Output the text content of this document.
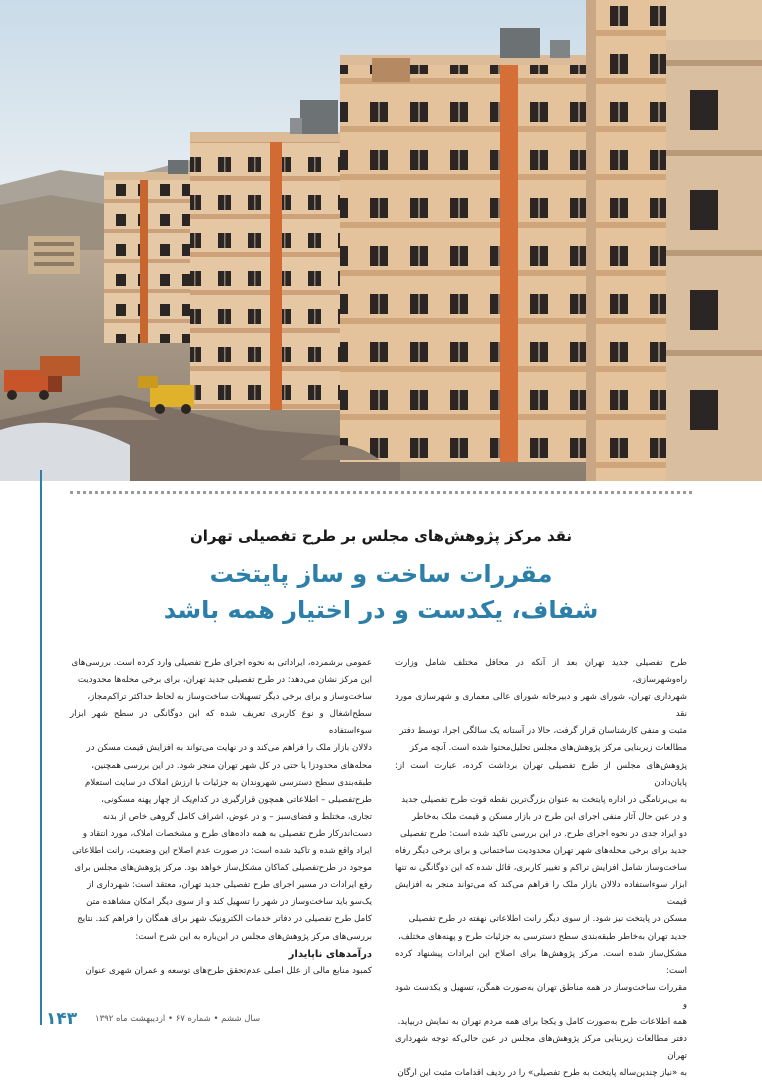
نقد مرکز پژوهش‌های مجلس بر طرح تفصیلی تهران
مقررات ساخت و ساز پایتخت
شفاف، یکدست و در اختیار همه باشد

طرح تفصیلی جدید تهران بعد از آنکه در محافل مختلف شامل وزارت راه‌وشهرسازی،

شهرداری تهران، شورای شهر و دبیرخانه شورای عالی معماری و شهرسازی مورد نقد

مثبت و منفی کارشناسان قرار گرفت، حالا در آستانه یک سالگی اجرا، توسط دفتر

مطالعات زیربنایی مرکز پژوهش‌های مجلس تحلیل‌محتوا شده است. آنچه مرکز

پژوهش‌های مجلس از طرح تفصیلی تهران برداشت کرده، عبارت است از: پایان‌دادن

به بی‌برنامگی در اداره پایتخت به عنوان بزرگ‌ترین نقطه قوت طرح تفصیلی جدید

و در عین حال آثار منفی اجرای این طرح در بازار مسکن و قیمت ملک به‌خاطر

دو ایراد جدی در نحوه اجرای طرح. در این بررسی تاکید شده است: طرح تفصیلی

جدید برای برخی محله‌های شهر تهران محدودیت ساختمانی و برای برخی دیگر رفاه

ساخت‌وساز شامل افزایش تراکم و تغییر کاربری، قائل شده که این دوگانگی نه تنها

ابزار سوءاستفاده دلالان بازار ملک را فراهم می‌کند که می‌تواند منجر به افزایش قیمت

مسکن در پایتخت نیز شود. از سوی دیگر رانت اطلاعاتی نهفته در طرح تفصیلی

جدید تهران به‌خاطر طبقه‌بندی سطح دسترسی به جزئیات طرح و پهنه‌های مختلف،

مشکل‌ساز شده است. مرکز پژوهش‌ها برای اصلاح این ایرادات پیشنهاد کرده است:

مقررات ساخت‌وساز در همه مناطق تهران به‌صورت همگن، تسهیل و یکدست شود و

همه اطلاعات طرح به‌صورت کامل و یکجا برای همه مردم تهران به نمایش دربیاید.

دفتر مطالعات زیربنایی مرکز پژوهش‌های مجلس در عین حالی‌که توجه شهرداری تهران

به «نیاز چندین‌ساله پایتخت به طرح تفصیلی» را در ردیف اقدامات مثبت این ارگان

عمومی برشمرده، ایراداتی به نحوه اجرای طرح تفصیلی وارد کرده است. بررسی‌های

این مرکز نشان می‌دهد: در طرح تفصیلی جدید تهران، برای برخی محله‌ها محدودیت

ساخت‌وساز و برای برخی دیگر تسهیلات ساخت‌وساز به لحاظ حداکثر تراکم‌مجاز،

سطح‌اشغال و نوع کاربری تعریف شده که این دوگانگی در سطح شهر ابزار سوءاستفاده

دلالان بازار ملک را فراهم می‌کند و در نهایت می‌تواند به افزایش قیمت مسکن در

محله‌های محدود‌زا یا حتی در کل شهر تهران منجر شود. در این بررسی همچنین،

طبقه‌بندی سطح دسترسی شهروندان به جزئیات با ارزش املاک در سایت استعلام

طرح‌تفصیلی – اطلاعاتی همچون قرارگیری در کدام‌یک از چهار پهنه مسکونی،

تجاری، مختلط و فضای‌سبز – و در عوض، اشراف کامل گروهی خاص از بدنه

دست‌اندرکار طرح تفصیلی به همه داده‌های طرح و مشخصات املاک، مورد انتقاد و

ایراد واقع شده و تاکید شده است: در صورت عدم اصلاح این وضعیت، رانت اطلاعاتی

موجود در طرح‌تفصیلی کماکان مشکل‌ساز خواهد بود. مرکز پژوهش‌های مجلس برای

رفع ایرادات در مسیر اجرای طرح تفصیلی جدید تهران، معتقد است: شهرداری از

یک‌سو باید ساخت‌وساز در شهر را تسهیل کند و از سوی دیگر امکان مشاهده متن

کامل طرح تفصیلی در دفاتر خدمات الکترونیک شهر برای همگان را فراهم کند. نتایج

بررسی‌های مرکز پژوهش‌های مجلس در این‌باره به این شرح است:

درآمدهای ناپایدار

کمبود منابع مالی از علل اصلی عدم‌تحقق طرح‌های توسعه و عمران شهری عنوان

۱۴۳ سال ششم • شماره ۶۷ • اردیبهشت ماه ۱۳۹۲
